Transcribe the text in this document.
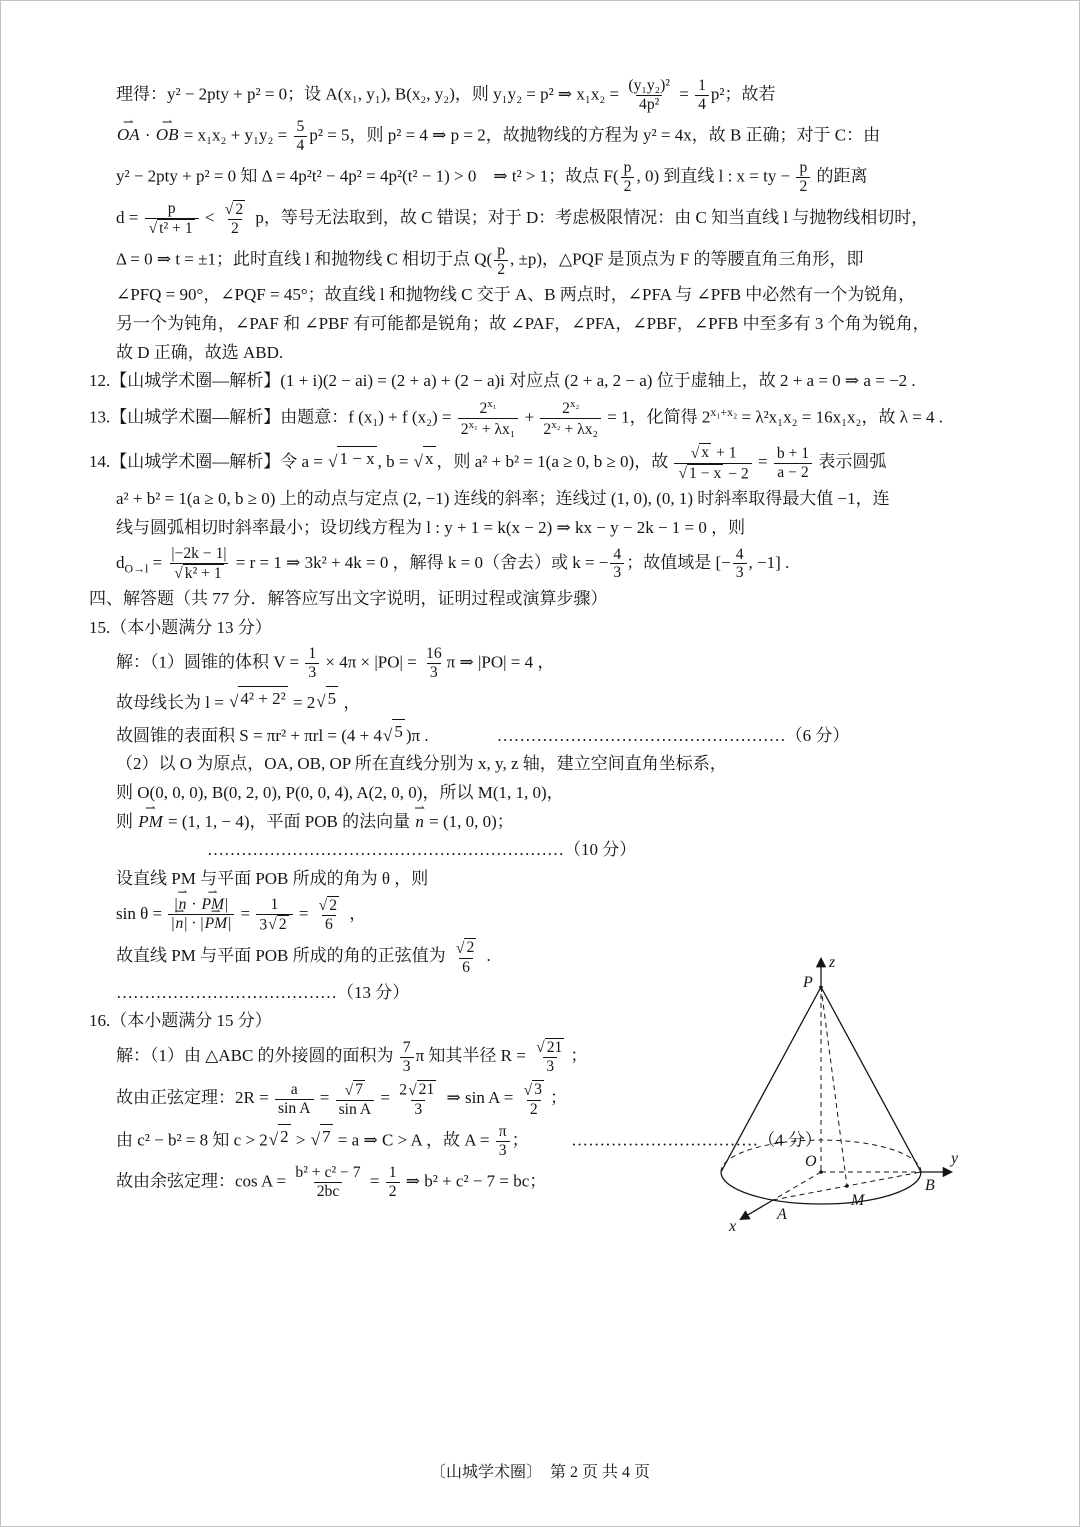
理得：y² − 2pty + p² = 0；设 A(x₁, y₁), B(x₂, y₂)，则 y₁y₂ = p² ⇒ $x_1x_2 = \frac{\text{(y₁y₂)²}}{\text{4p²}} = \frac{1}{4} p^2$；故若
⇀ OA · ⇀ OB = $x_1x_2 + y_1y_2 = \frac{5}{4} p^2 = 5$，则 p² = 4 ⇒ p = 2，故抛物线的方程为 y² = 4x，故 B 正确；对于 C：由
y² − 2pty + p² = 0 知 Δ = 4p²t² − 4p² = 4p²(t² − 1) > 0　⇒ t² > 1；故点 $F( \frac{p}{2}$ , 0) 到直线 l : x = ty − $\frac{p}{2}$ 的距离
$d = \frac{p}{\text{√ t² + 1}} < \frac{√ 2}{2}$ p，等号无法取到，故 C 错误；对于 D：考虑极限情况：由 C 知当直线 l 与抛物线相切时，
Δ = 0 ⇒ t = ±1；此时直线 l 和抛物线 C 相切于点 $Q( \frac{p}{2}$ , ±p)，△PQF 是顶点为 F 的等腰直角三角形，即
∠PFQ = 90°，∠PQF = 45°；故直线 l 和抛物线 C 交于 A、B 两点时，∠PFA 与 ∠PFB 中必然有一个为锐角，
另一个为钝角，∠PAF 和 ∠PBF 有可能都是锐角；故 ∠PAF，∠PFA，∠PBF，∠PFB 中至多有 3 个角为锐角，
故 D 正确，故选 ABD.
12.【山城学术圈—解析】(1 + i)(2 − ai) = (2 + a) + (2 − a)i 对应点 (2 + a, 2 − a) 位于虚轴上，故 2 + a = 0 ⇒ a = −2 .
13.【山城学术圈—解析】由题意：f (x₁) + f $(x_2) = \frac{2^{x_1}}{2^{x_1} + \lambda x_1} + \frac{2^{x_2}}{2^{x_2} + \lambda x_2} = 1$，化简得 $2^{x_1+x_2} = \lambda^2x_1x_2 = 16x_1x_2$，故 λ = 4 .
14.【山城学术圈—解析】令 a = √ 1 − x , b = √ x ，则 a² + b² = 1(a ≥ 0, b ≥ 0)，故 $\frac{√ x + 1}{√ 1 - x - 2} = \frac{b + 1}{a - 2}$ 表示圆弧
a² + b² = 1(a ≥ 0, b ≥ 0) 上的动点与定点 (2, −1) 连线的斜率；连线过 (1, 0), (0, 1) 时斜率取得最大值 −1，连
线与圆弧相切时斜率最小；设切线方程为 l : y + 1 = k(x − 2) ⇒ kx − y − 2k − 1 = 0 ，则
$d_{O\to l} = \frac{|-2k - 1|}{\text{√ k² + 1}} = r = 1$ ⇒ 3k² + 4k = 0 ，解得 k = 0（舍去）或 k = − $\frac{4}{3}$ ；故值域是 [− $\frac{4}{3}$ , −1] .
四、解答题（共 77 分．解答应写出文字说明，证明过程或演算步骤）
15.（本小题满分 13 分）
解：（1）圆锥的体积 $V = \frac{1}{3} \times 4\pi \times |PO| = \frac{16}{3}$ π ⇒ |PO| = 4 ，
故母线长为 l = √ 4² + 2² = 2 √ 5 ，
故圆锥的表面积 S = πr² + πrl = (4 + 4 √ 5 )π .　　　　……………………………………………（6 分）
（2）以 O 为原点，OA, OB, OP 所在直线分别为 x, y, z 轴，建立空间直角坐标系，
则 O(0, 0, 0), B(0, 2, 0), P(0, 0, 4), A(2, 0, 0)，所以 M(1, 1, 0)，
则 ⇀ PM = (1, 1, − 4)，平面 POB 的法向量 ⇀ n = (1, 0, 0)；
………………………………………………………（10 分）
设直线 PM 与平面 POB 所成的角为 θ ，则
$\sin \theta = \frac{|⇀ n \cdot ⇀ PM|}{|⇀ n| \cdot |⇀ PM|} = \frac{1}{3 √ 2} = \frac{√ 2}{6}$ ，
故直线 PM 与平面 POB 所成的角的正弦值为 $\frac{√ 2}{6}$ .
…………………………………（13 分）
16.（本小题满分 15 分）
解：（1）由 △ABC 的外接圆的面积为 $\frac{7}{3}$ π 知其半径 $R = \frac{√ 21}{3}$ ；
故由正弦定理：$2R = \frac{a}{\text{sin A}} = \frac{√ 7}{\text{sin A}} = \frac{2 √ 21}{3}$ ⇒ $\sin A = \frac{√ 3}{2}$ ；
由 c² − b² = 8 知 c > 2 √ 2 > √ 7 = a ⇒ C > A ，故 $A = \frac{\pi}{3}$ ；　　　……………………………（4 分）
故由余弦定理：$\cos A = \frac{\text{b² + c² − 7}}{2bc} = \frac{1}{2}$ ⇒ b² + c² − 7 = bc；
z
P
O	y
B
x
A
M
〔山城学术圈〕　第 2 页 共 4 页
